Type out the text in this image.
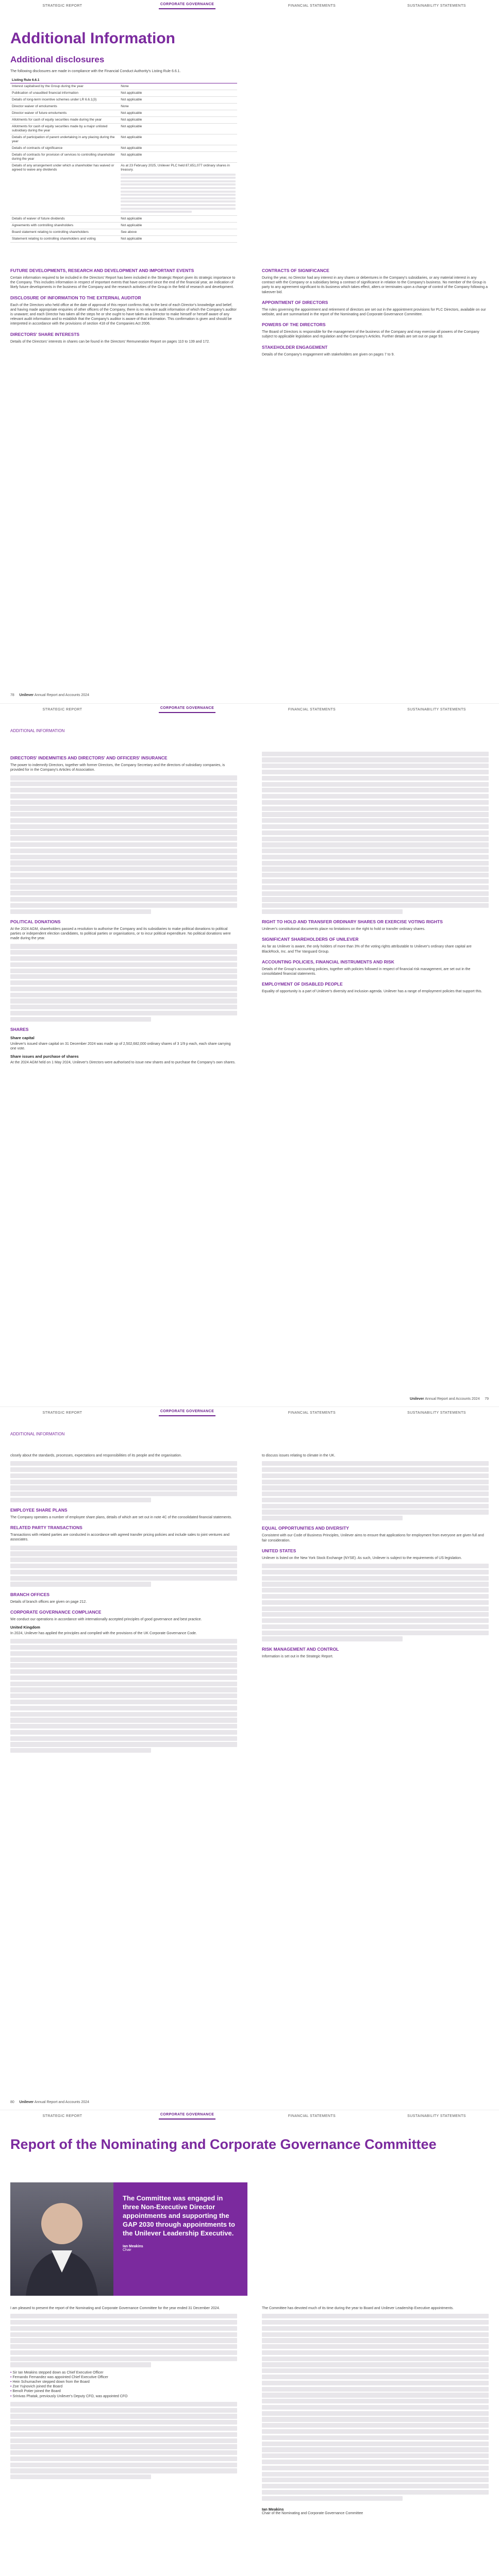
STRATEGIC REPORT	CORPORATE GOVERNANCE	FINANCIAL STATEMENTS	SUSTAINABILITY STATEMENTS
Additional Information
Additional disclosures
The following disclosures are made in compliance with the Financial Conduct Authority's Listing Rule 6.6.1.
Listing Rule 6.6.1	
Interest capitalised by the Group during the year	None
Publication of unaudited financial information	Not applicable
Details of long-term incentive schemes under LR 6.6.1(3)	Not applicable
Director waiver of emoluments	None
Director waiver of future emoluments	Not applicable
Allotments for cash of equity securities made during the year	Not applicable
Allotments for cash of equity securities made by a major unlisted subsidiary during the year	Not applicable
Details of participation of parent undertaking in any placing during the year	Not applicable
Details of contracts of significance	Not applicable
Details of contracts for provision of services to controlling shareholder during the year	Not applicable
Details of any arrangement under which a shareholder has waived or agreed to waive any dividends	As at 23 February 2025, Unilever PLC held 87,651,077 ordinary shares in treasury.

Details of waiver of future dividends	Not applicable
Agreements with controlling shareholders	Not applicable
Board statement relating to controlling shareholders	See above
Statement relating to controlling shareholders and voting	Not applicable
FUTURE DEVELOPMENTS, RESEARCH AND DEVELOPMENT AND IMPORTANT EVENTS
Certain information required to be included in the Directors' Report has been included in the Strategic Report given its strategic importance to the Company. This includes information in respect of important events that have occurred since the end of the financial year, an indication of likely future developments in the business of the Company and the research activities of the Group in the field of research and development.
DISCLOSURE OF INFORMATION TO THE EXTERNAL AUDITOR
Each of the Directors who held office at the date of approval of this report confirms that, to the best of each Director's knowledge and belief, and having made appropriate enquiries of other officers of the Company, there is no relevant audit information of which the Company's auditor is unaware; and each Director has taken all the steps he or she ought to have taken as a Director to make himself or herself aware of any relevant audit information and to establish that the Company's auditor is aware of that information. This confirmation is given and should be interpreted in accordance with the provisions of section 418 of the Companies Act 2006.
DIRECTORS' SHARE INTERESTS
Details of the Directors' interests in shares can be found in the Directors' Remuneration Report on pages 110 to 139 and 172.
CONTRACTS OF SIGNIFICANCE
During the year, no Director had any interest in any shares or debentures in the Company's subsidiaries, or any material interest in any contract with the Company or a subsidiary being a contract of significance in relation to the Company's business. No member of the Group is party to any agreement significant to its business which takes effect, alters or terminates upon a change of control of the Company following a takeover bid.
APPOINTMENT OF DIRECTORS
The rules governing the appointment and retirement of directors are set out in the appointment provisions for PLC Directors, available on our website, and are summarised in the report of the Nominating and Corporate Governance Committee.
POWERS OF THE DIRECTORS
The Board of Directors is responsible for the management of the business of the Company and may exercise all powers of the Company subject to applicable legislation and regulation and the Company's Articles. Further details are set out on page 93.
STAKEHOLDER ENGAGEMENT
Details of the Company's engagement with stakeholders are given on pages 7 to 9.
78 Unilever Annual Report and Accounts 2024
STRATEGIC REPORT	CORPORATE GOVERNANCE	FINANCIAL STATEMENTS	SUSTAINABILITY STATEMENTS
ADDITIONAL INFORMATION
DIRECTORS' INDEMNITIES AND DIRECTORS' AND OFFICERS' INSURANCE
The power to indemnify Directors, together with former Directors, the Company Secretary and the directors of subsidiary companies, is provided for in the Company's Articles of Association.
POLITICAL DONATIONS
At the 2024 AGM, shareholders passed a resolution to authorise the Company and its subsidiaries to make political donations to political parties or independent election candidates, to political parties or organisations, or to incur political expenditure. No political donations were made during the year.
SHARES
Share capital
Unilever's issued share capital on 31 December 2024 was made up of 2,502,682,000 ordinary shares of 3 1/9 p each, each share carrying one vote.
Share issues and purchase of shares
At the 2024 AGM held on 1 May 2024, Unilever's Directors were authorised to issue new shares and to purchase the Company's own shares.
RIGHT TO HOLD AND TRANSFER ORDINARY SHARES OR EXERCISE VOTING RIGHTS
Unilever's constitutional documents place no limitations on the right to hold or transfer ordinary shares.
SIGNIFICANT SHAREHOLDERS OF UNILEVER
As far as Unilever is aware, the only holders of more than 3% of the voting rights attributable to Unilever's ordinary share capital are BlackRock, Inc. and The Vanguard Group.
ACCOUNTING POLICIES, FINANCIAL INSTRUMENTS AND RISK
Details of the Group's accounting policies, together with policies followed in respect of financial risk management, are set out in the consolidated financial statements.
EMPLOYMENT OF DISABLED PEOPLE
Equality of opportunity is a part of Unilever's diversity and inclusion agenda. Unilever has a range of employment policies that support this.
Unilever Annual Report and Accounts 2024 79
STRATEGIC REPORT	CORPORATE GOVERNANCE	FINANCIAL STATEMENTS	SUSTAINABILITY STATEMENTS
ADDITIONAL INFORMATION
closely about the standards, processes, expectations and responsibilities of its people and the organisation.
EMPLOYEE SHARE PLANS
The Company operates a number of employee share plans, details of which are set out in note 4C of the consolidated financial statements.
RELATED PARTY TRANSACTIONS
Transactions with related parties are conducted in accordance with agreed transfer pricing policies and include sales to joint ventures and associates.
BRANCH OFFICES
Details of branch offices are given on page 212.
CORPORATE GOVERNANCE COMPLIANCE
We conduct our operations in accordance with internationally accepted principles of good governance and best practice.
United Kingdom
In 2024, Unilever has applied the principles and complied with the provisions of the UK Corporate Governance Code.
to discuss issues relating to climate in the UK.
EQUAL OPPORTUNITIES AND DIVERSITY
Consistent with our Code of Business Principles, Unilever aims to ensure that applications for employment from everyone are given full and fair consideration.
UNITED STATES
Unilever is listed on the New York Stock Exchange (NYSE). As such, Unilever is subject to the requirements of US legislation.
RISK MANAGEMENT AND CONTROL
Information is set out in the Strategic Report.
80 Unilever Annual Report and Accounts 2024
STRATEGIC REPORT	CORPORATE GOVERNANCE	FINANCIAL STATEMENTS	SUSTAINABILITY STATEMENTS
Report of the Nominating and Corporate Governance Committee
The Committee was engaged in three Non-Executive Director appointments and supporting the GAP 2030 through appointments to the Unilever Leadership Executive.
Ian Meakins
Chair
I am pleased to present the report of the Nominating and Corporate Governance Committee for the year ended 31 December 2024.
• Sir Ian Meakins stepped down as Chief Executive Officer
• Fernando Fernandez was appointed Chief Executive Officer
• Hein Schumacher stepped down from the Board
• Zoe Yujnovich joined the Board
• Benoît Potier joined the Board
• Srinivas Phatak, previously Unilever's Deputy CFO, was appointed CFO
The Committee has devoted much of its time during the year to Board and Unilever Leadership Executive appointments.
Ian Meakins
Chair of the Nominating and Corporate Governance Committee
